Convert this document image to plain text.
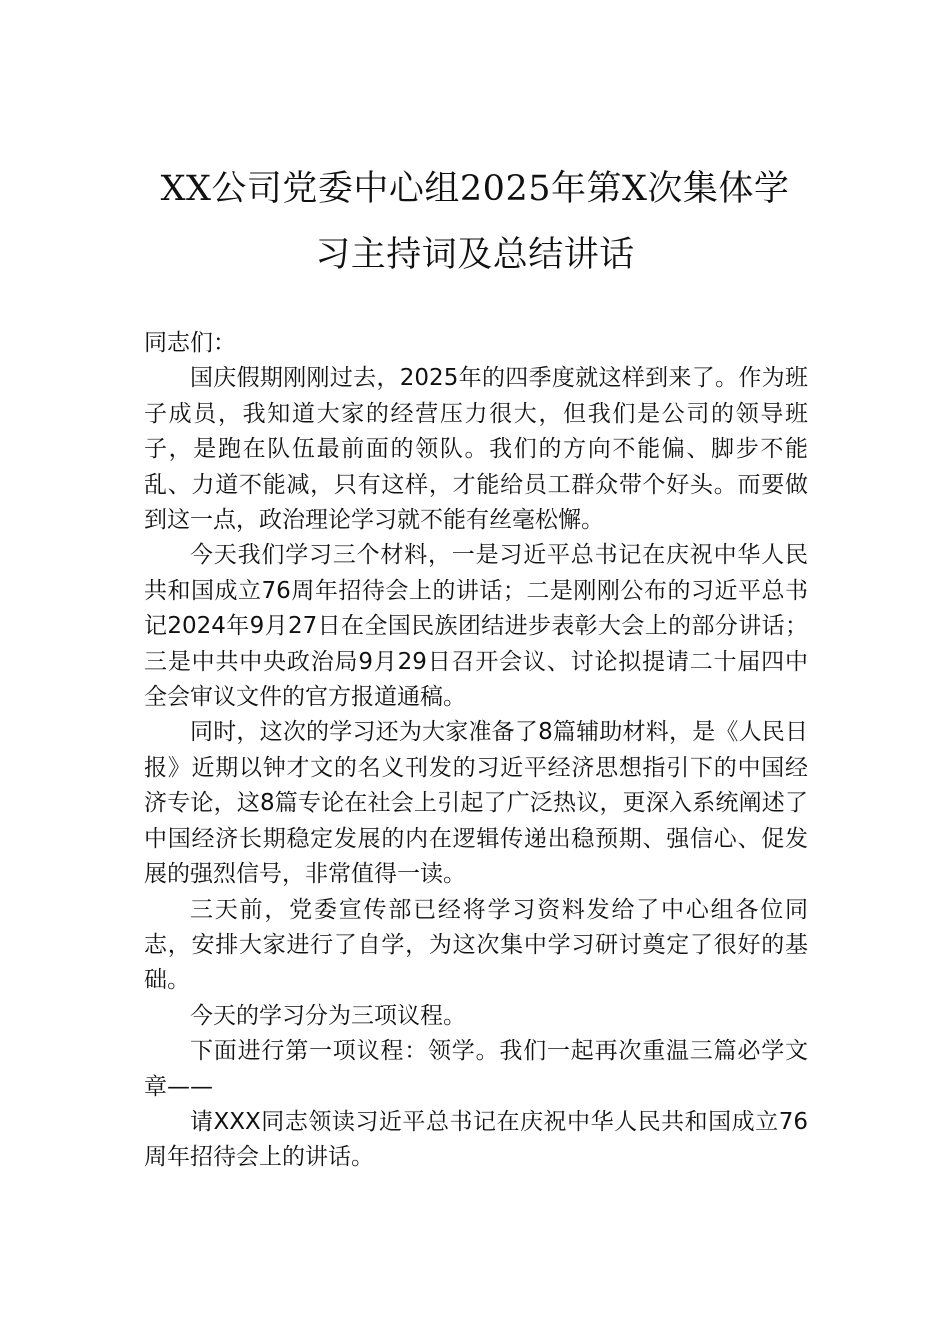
XX公司党委中心组2025年第X次集体学
习主持词及总结讲话

同志们：

国庆假期刚刚过去，2025年的四季度就这样到来了。作为班子成员，我知道大家的经营压力很大，但我们是公司的领导班子，是跑在队伍最前面的领队。我们的方向不能偏、脚步不能乱、力道不能减，只有这样，才能给员工群众带个好头。而要做到这一点，政治理论学习就不能有丝毫松懈。

今天我们学习三个材料，一是习近平总书记在庆祝中华人民共和国成立76周年招待会上的讲话；二是刚刚公布的习近平总书记2024年9月27日在全国民族团结进步表彰大会上的部分讲话；三是中共中央政治局9月29日召开会议、讨论拟提请二十届四中全会审议文件的官方报道通稿。

同时，这次的学习还为大家准备了8篇辅助材料，是《人民日报》近期以钟才文的名义刊发的习近平经济思想指引下的中国经济专论，这8篇专论在社会上引起了广泛热议，更深入系统阐述了中国经济长期稳定发展的内在逻辑传递出稳预期、强信心、促发展的强烈信号，非常值得一读。

三天前，党委宣传部已经将学习资料发给了中心组各位同志，安排大家进行了自学，为这次集中学习研讨奠定了很好的基础。

今天的学习分为三项议程。

下面进行第一项议程：领学。我们一起再次重温三篇必学文章——

请XXX同志领读习近平总书记在庆祝中华人民共和国成立76周年招待会上的讲话。
